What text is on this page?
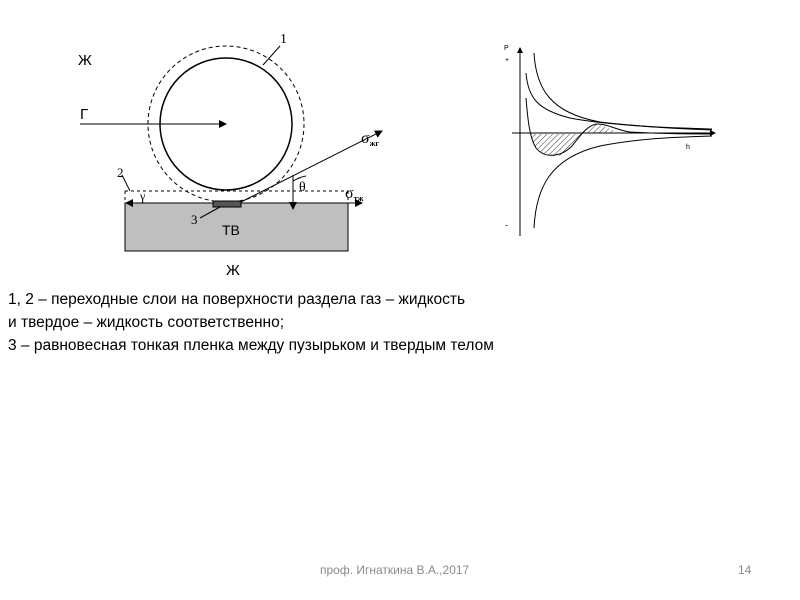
Ж
Г
1
2
γ
3
ТВ
Ж
θ
σжг
σтж
P
+
h
-
1, 2 – переходные слои на поверхности раздела газ – жидкость
и твердое – жидкость соответственно;
3 – равновесная тонкая пленка между пузырьком и твердым телом
проф. Игнаткина В.А.,2017	14
